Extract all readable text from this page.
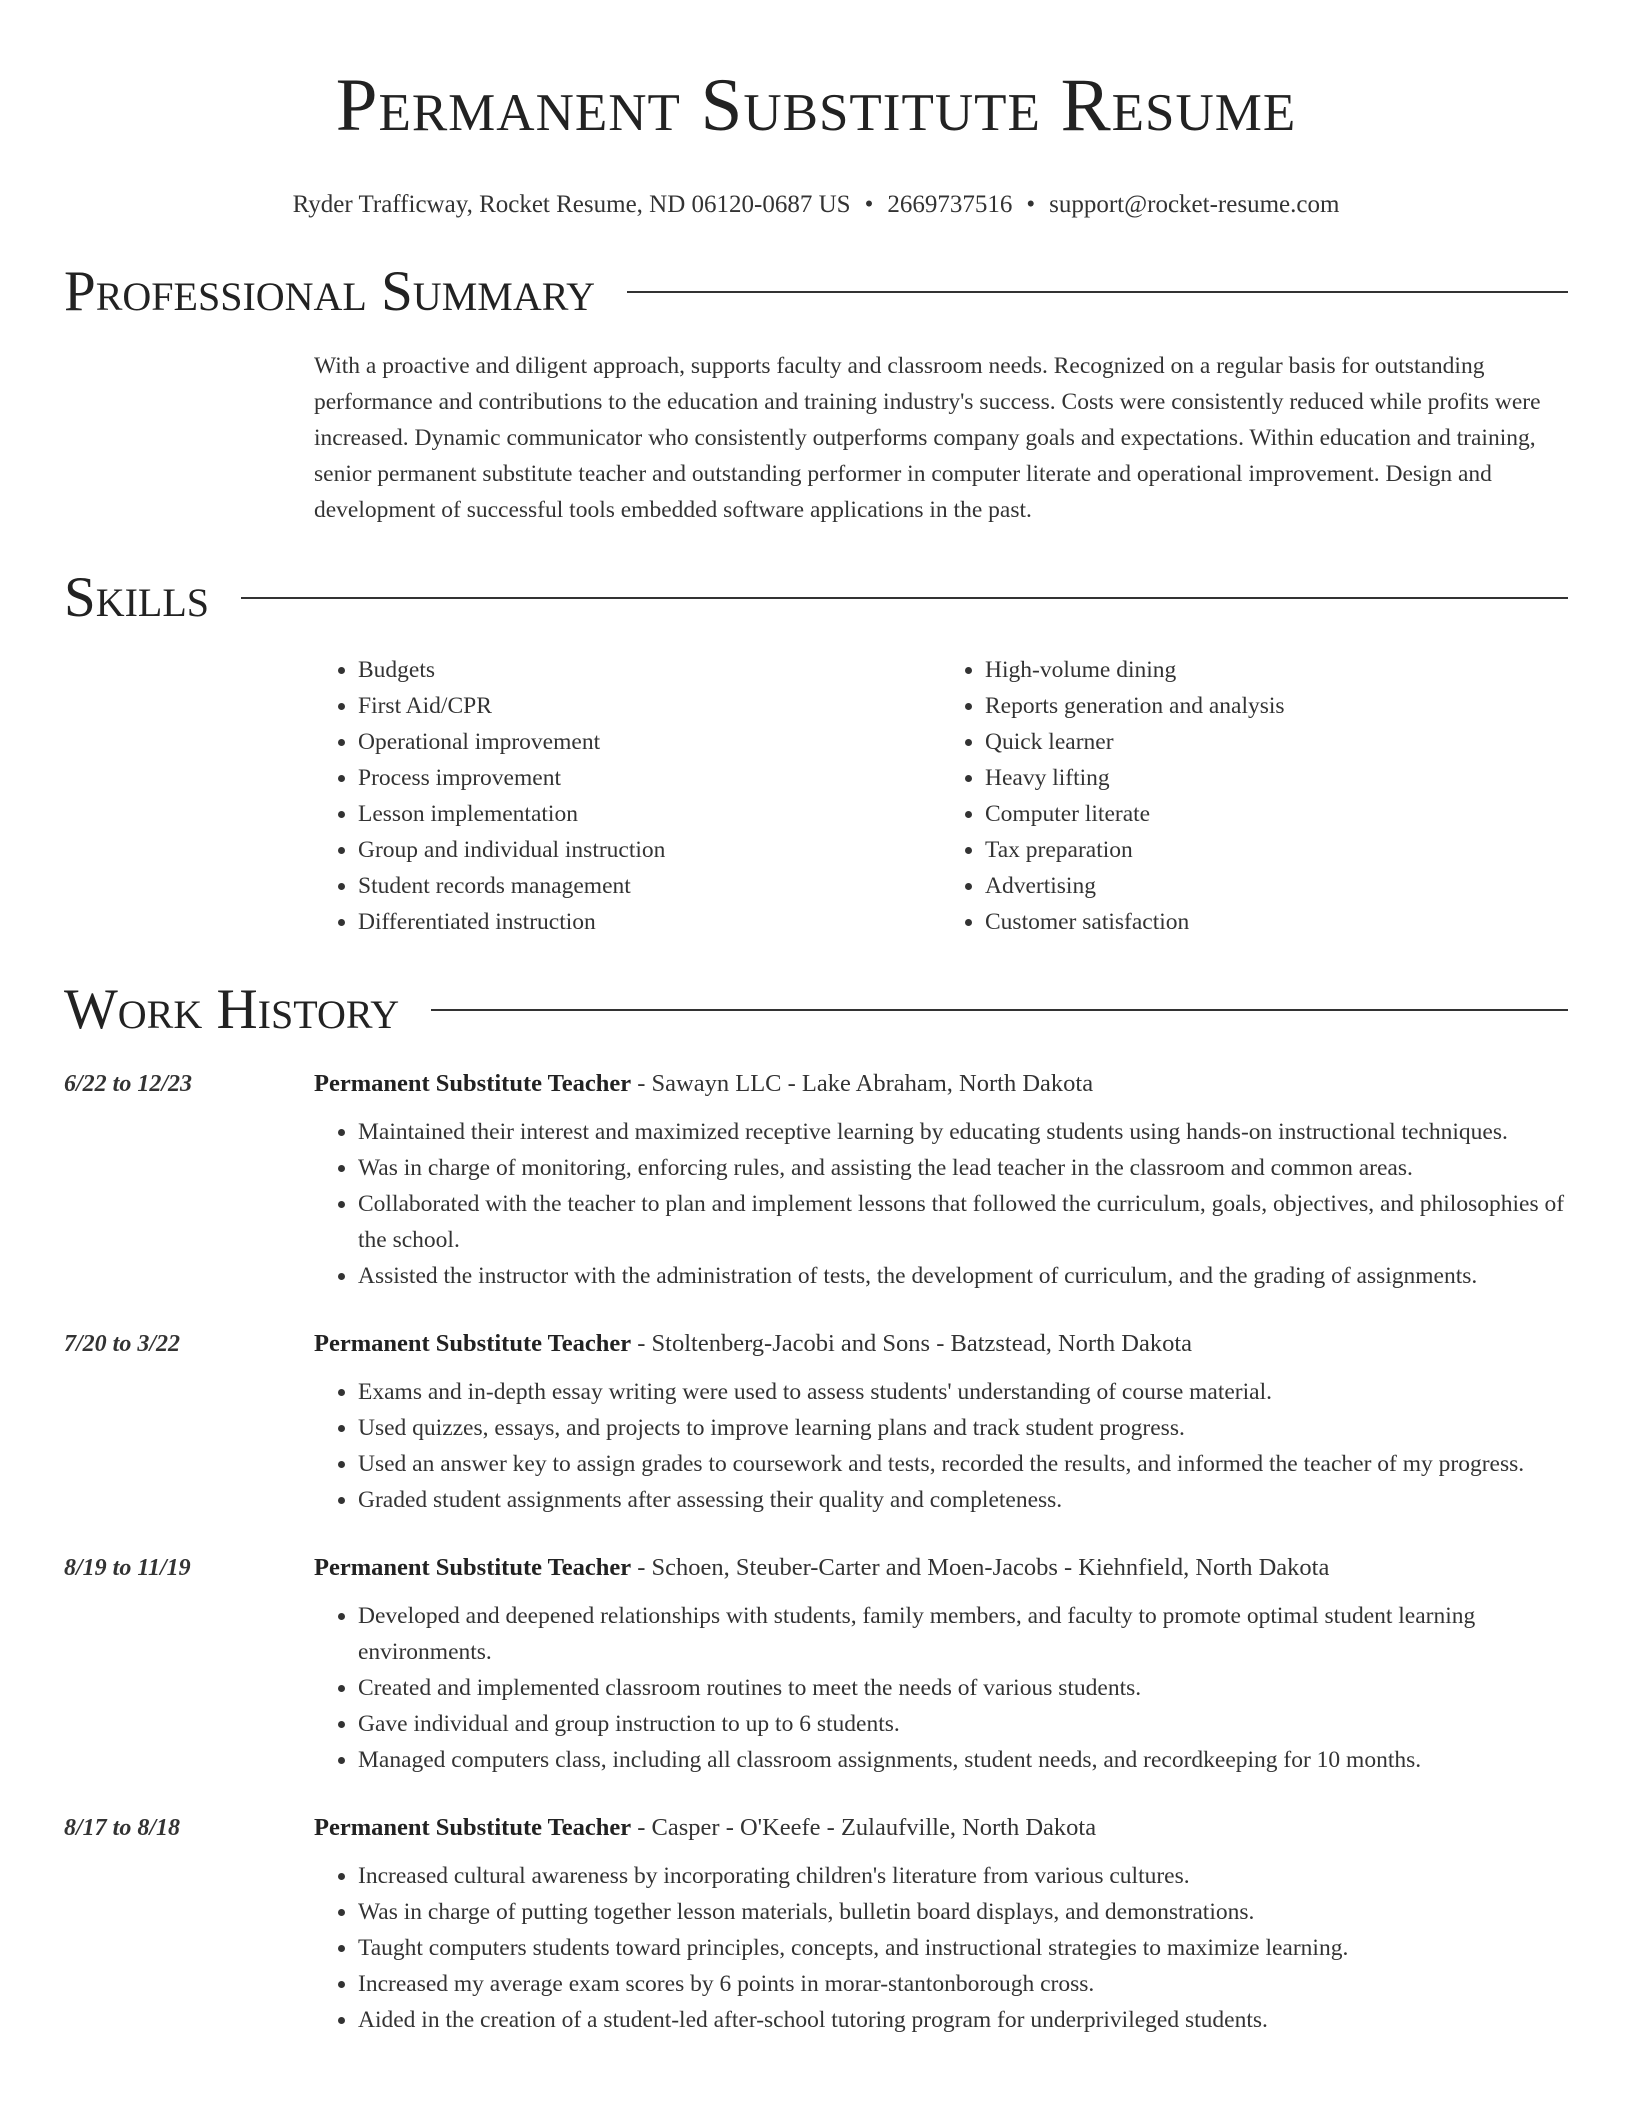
Permanent Substitute Resume
Ryder Trafficway, Rocket Resume, ND 06120-0687 US • 2669737516 • support@rocket-resume.com
Professional Summary
With a proactive and diligent approach, supports faculty and classroom needs. Recognized on a regular basis for outstanding performance and contributions to the education and training industry's success. Costs were consistently reduced while profits were increased. Dynamic communicator who consistently outperforms company goals and expectations. Within education and training, senior permanent substitute teacher and outstanding performer in computer literate and operational improvement. Design and development of successful tools embedded software applications in the past.
Skills
• Budgets
• First Aid/CPR
• Operational improvement
• Process improvement
• Lesson implementation
• Group and individual instruction
• Student records management
• Differentiated instruction
• High-volume dining
• Reports generation and analysis
• Quick learner
• Heavy lifting
• Computer literate
• Tax preparation
• Advertising
• Customer satisfaction
Work History
6/22 to 12/23	Permanent Substitute Teacher - Sawayn LLC - Lake Abraham, North Dakota
• Maintained their interest and maximized receptive learning by educating students using hands-on instructional techniques.
• Was in charge of monitoring, enforcing rules, and assisting the lead teacher in the classroom and common areas.
• Collaborated with the teacher to plan and implement lessons that followed the curriculum, goals, objectives, and philosophies of the school.
• Assisted the instructor with the administration of tests, the development of curriculum, and the grading of assignments.
7/20 to 3/22	Permanent Substitute Teacher - Stoltenberg-Jacobi and Sons - Batzstead, North Dakota
• Exams and in-depth essay writing were used to assess students' understanding of course material.
• Used quizzes, essays, and projects to improve learning plans and track student progress.
• Used an answer key to assign grades to coursework and tests, recorded the results, and informed the teacher of my progress.
• Graded student assignments after assessing their quality and completeness.
8/19 to 11/19	Permanent Substitute Teacher - Schoen, Steuber-Carter and Moen-Jacobs - Kiehnfield, North Dakota
• Developed and deepened relationships with students, family members, and faculty to promote optimal student learning environments.
• Created and implemented classroom routines to meet the needs of various students.
• Gave individual and group instruction to up to 6 students.
• Managed computers class, including all classroom assignments, student needs, and recordkeeping for 10 months.
8/17 to 8/18	Permanent Substitute Teacher - Casper - O'Keefe - Zulaufville, North Dakota
• Increased cultural awareness by incorporating children's literature from various cultures.
• Was in charge of putting together lesson materials, bulletin board displays, and demonstrations.
• Taught computers students toward principles, concepts, and instructional strategies to maximize learning.
• Increased my average exam scores by 6 points in morar-stantonborough cross.
• Aided in the creation of a student-led after-school tutoring program for underprivileged students.
